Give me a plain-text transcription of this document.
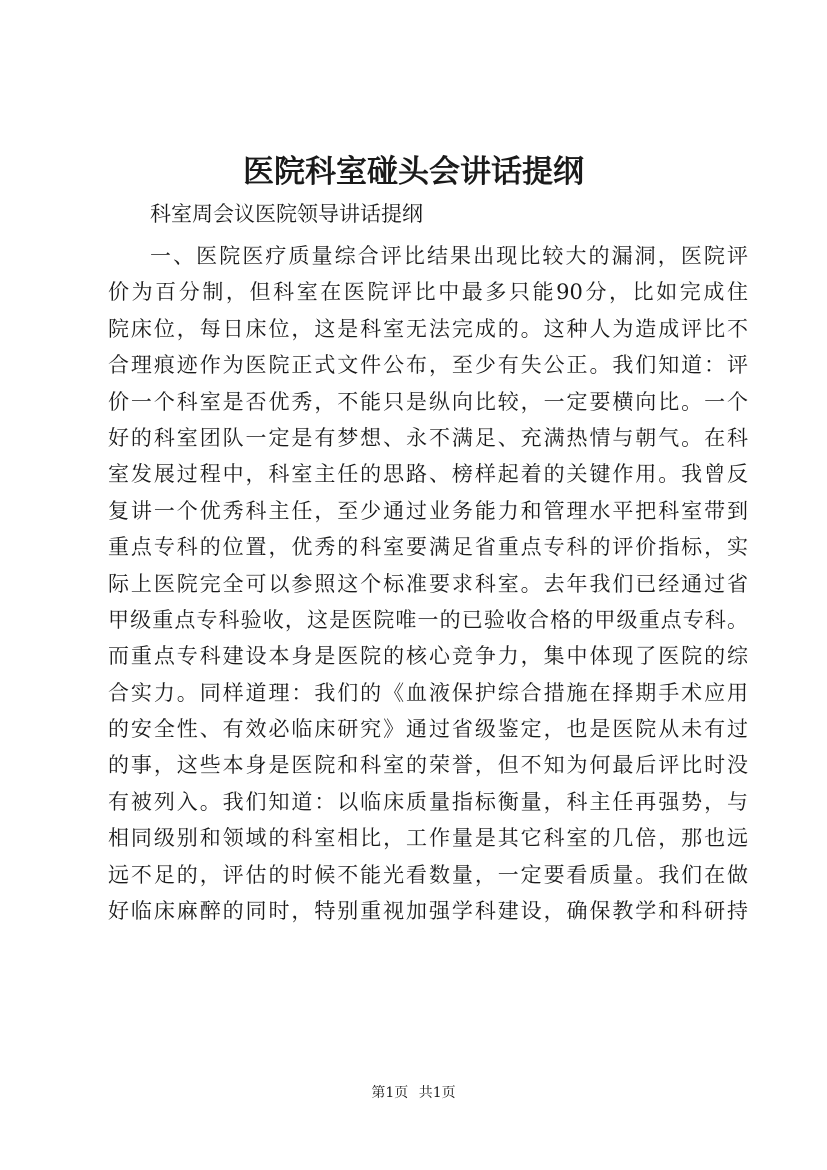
医院科室碰头会讲话提纲

科室周会议医院领导讲话提纲

一、医院医疗质量综合评比结果出现比较大的漏洞，医院评
价为百分制，但科室在医院评比中最多只能90分，比如完成住
院床位，每日床位，这是科室无法完成的。这种人为造成评比不
合理痕迹作为医院正式文件公布，至少有失公正。我们知道：评
价一个科室是否优秀，不能只是纵向比较，一定要横向比。一个
好的科室团队一定是有梦想、永不满足、充满热情与朝气。在科
室发展过程中，科室主任的思路、榜样起着的关键作用。我曾反
复讲一个优秀科主任，至少通过业务能力和管理水平把科室带到
重点专科的位置，优秀的科室要满足省重点专科的评价指标，实
际上医院完全可以参照这个标准要求科室。去年我们已经通过省
甲级重点专科验收，这是医院唯一的已验收合格的甲级重点专科。
而重点专科建设本身是医院的核心竞争力，集中体现了医院的综
合实力。同样道理：我们的《血液保护综合措施在择期手术应用
的安全性、有效必临床研究》通过省级鉴定，也是医院从未有过
的事，这些本身是医院和科室的荣誉，但不知为何最后评比时没
有被列入。我们知道：以临床质量指标衡量，科主任再强势，与
相同级别和领域的科室相比，工作量是其它科室的几倍，那也远
远不足的，评估的时候不能光看数量，一定要看质量。我们在做
好临床麻醉的同时，特别重视加强学科建设，确保教学和科研持
第1页 共1页
